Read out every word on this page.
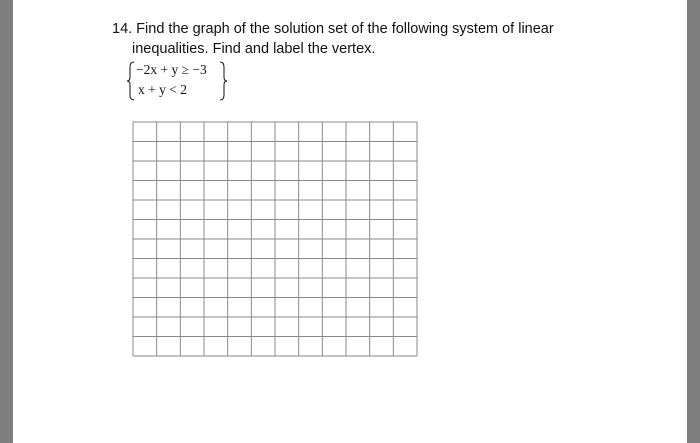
14. Find the graph of the solution set of the following system of linear
inequalities. Find and label the vertex.
−2x + y ≥ −3
x + y < 2
